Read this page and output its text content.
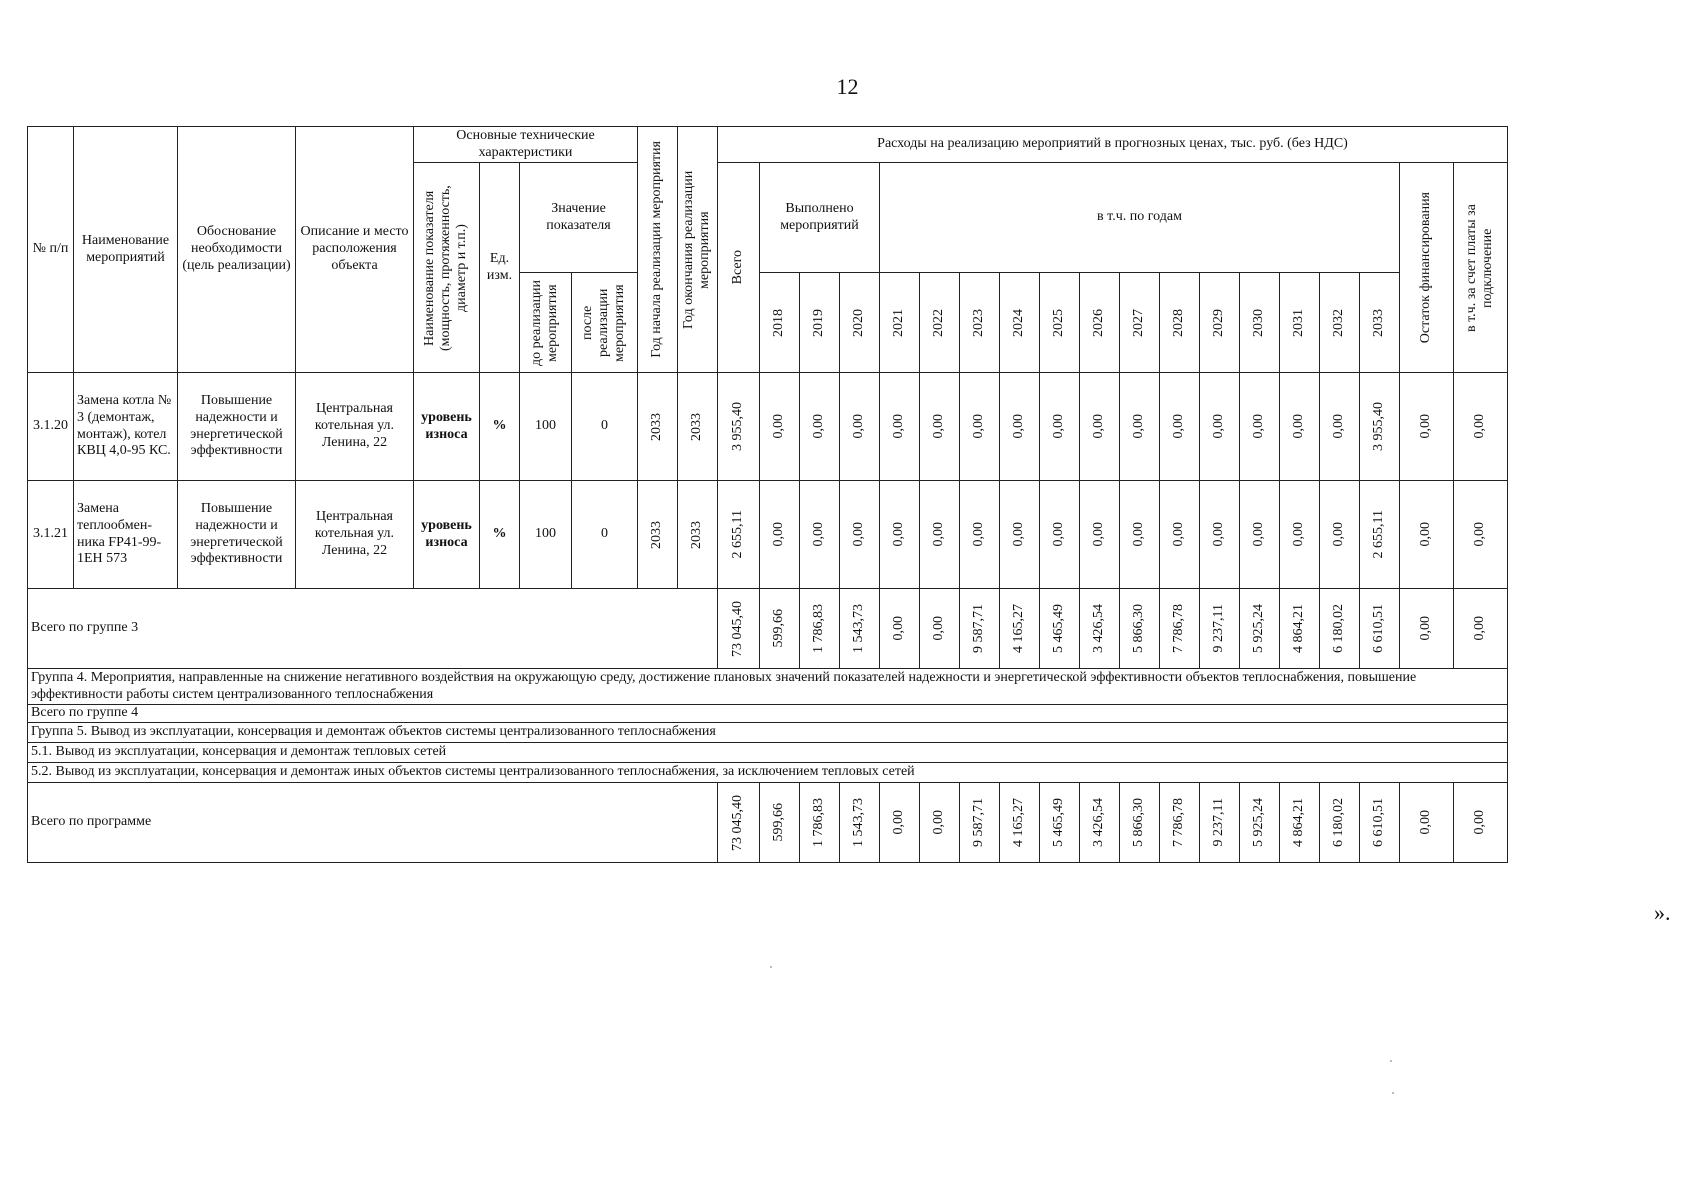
12
№ п/п	Наименование мероприятий	Обоснование необходимости (цель реализации)	Описание и место расположения объекта	Основные технические характеристики				Год начала реализации мероприятия	Год окончания реализации мероприятия	Расходы на реализацию мероприятий в прогнозных ценах, тыс. руб. (без НДС)																		

				Наименование показателя (мощность, протяженность, диаметр и т.п.)	Ед. изм.	Значение показателя				Всего	Выполнено мероприятий			в т.ч. по годам													Остаток финансирования	в т.ч. за счет платы за подключение

						до реализации мероприятия	после реализации мероприятия				2018	2019	2020	2021	2022	2023	2024	2025	2026	2027	2028	2029	2030	2031	2032	2033		

3.1.20	Замена котла № 3 (демонтаж, монтаж), котел КВЦ 4,0-95 КС.	Повышение надежности и энергетической эффективности	Центральная котельная ул. Ленина, 22	уровень износа	%	100	0	2033	2033	3 955,40	0,00	0,00	0,00	0,00	0,00	0,00	0,00	0,00	0,00	0,00	0,00	0,00	0,00	0,00	0,00	3 955,40	0,00	0,00

3.1.21	Замена теплообмен-ника FP41-99-1EH 573	Повышение надежности и энергетической эффективности	Центральная котельная ул. Ленина, 22	уровень износа	%	100	0	2033	2033	2 655,11	0,00	0,00	0,00	0,00	0,00	0,00	0,00	0,00	0,00	0,00	0,00	0,00	0,00	0,00	0,00	2 655,11	0,00	0,00

Всего по группе 3										73 045,40	599,66	1 786,83	1 543,73	0,00	0,00	9 587,71	4 165,27	5 465,49	3 426,54	5 866,30	7 786,78	9 237,11	5 925,24	4 864,21	6 180,02	6 610,51	0,00	0,00

Группа 4. Мероприятия, направленные на снижение негативного воздействия на окружающую среду, достижение плановых значений показателей надежности и энергетической эффективности объектов теплоснабжения, повышение эффективности работы систем централизованного теплоснабжения																												
Всего по группе 4																												
Группа 5. Вывод из эксплуатации, консервация и демонтаж объектов системы централизованного теплоснабжения																												
5.1. Вывод из эксплуатации, консервация и демонтаж тепловых сетей																												
5.2. Вывод из эксплуатации, консервация и демонтаж иных объектов системы централизованного теплоснабжения, за исключением тепловых сетей																												
Всего по программе										73 045,40	599,66	1 786,83	1 543,73	0,00	0,00	9 587,71	4 165,27	5 465,49	3 426,54	5 866,30	7 786,78	9 237,11	5 925,24	4 864,21	6 180,02	6 610,51	0,00	0,00
».
